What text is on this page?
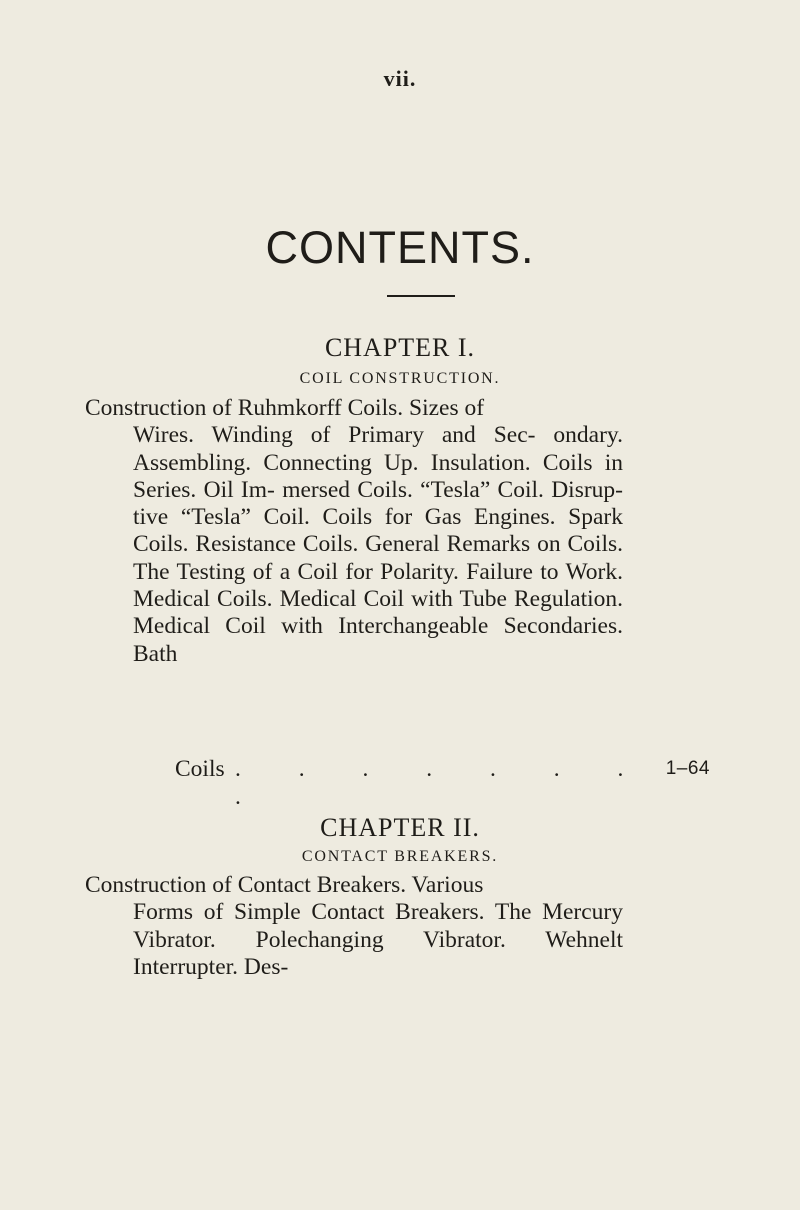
vii.
CONTENTS.
CHAPTER I.
COIL CONSTRUCTION.
Construction of Ruhmkorff Coils. Sizes of
Wires. Winding of Primary and Sec- ondary. Assembling. Connecting Up. Insulation. Coils in Series. Oil Im- mersed Coils. “Tesla” Coil. Disrup- tive “Tesla” Coil. Coils for Gas Engines. Spark Coils. Resistance Coils. General Remarks on Coils. The Testing of a Coil for Polarity. Failure to Work. Medical Coils. Medical Coil with Tube Regulation. Medical Coil with Interchangeable Secondaries. Bath
Coils . . . . . . . .
1–64
CHAPTER II.
CONTACT BREAKERS.
Construction of Contact Breakers. Various
Forms of Simple Contact Breakers. The Mercury Vibrator. Polechanging Vibrator. Wehnelt Interrupter. Des-
